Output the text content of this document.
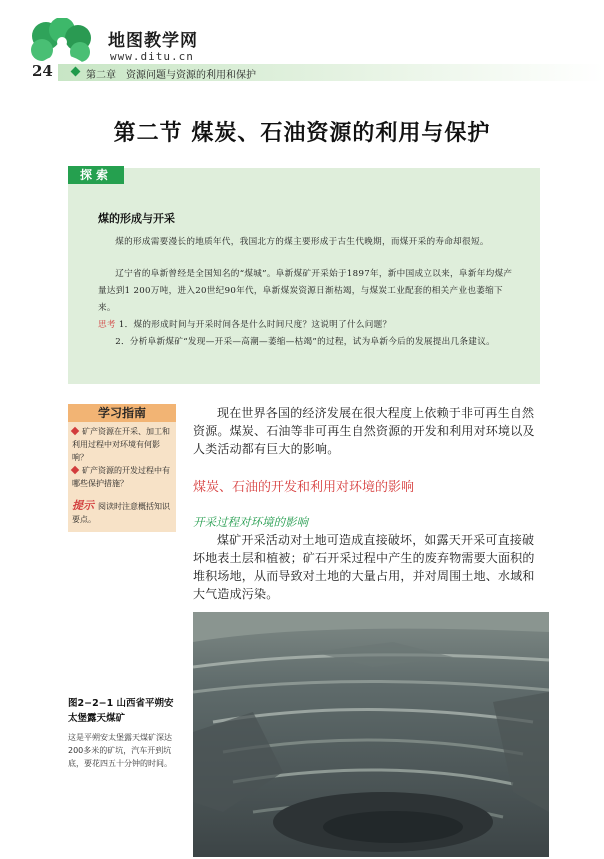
地图教学网
www.ditu.cn
24	第二章　资源问题与资源的利用和保护
第二节 煤炭、石油资源的利用与保护
探索
煤的形成与开采
煤的形成需要漫长的地质年代，我国北方的煤主要形成于古生代晚期，而煤开采的寿命却很短。
辽宁省的阜新曾经是全国知名的“煤城”。阜新煤矿开采始于1897年，新中国成立以来，阜新年均煤产量达到1 200万吨，进入20世纪90年代，阜新煤炭资源日渐枯竭，与煤炭工业配套的相关产业也萎缩下来。
思考 1．煤的形成时间与开采时间各是什么时间尺度？这说明了什么问题？
2．分析阜新煤矿“发现—开采—高潮—萎缩—枯竭”的过程，试为阜新今后的发展提出几条建议。
学习指南
矿产资源在开采、加工和利用过程中对环境有何影响？
矿产资源的开发过程中有哪些保护措施？
提示 阅读时注意概括知识要点。
现在世界各国的经济发展在很大程度上依赖于非可再生自然资源。煤炭、石油等非可再生自然资源的开发和利用对环境以及人类活动都有巨大的影响。
煤炭、石油的开发和利用对环境的影响
开采过程对环境的影响
煤矿开采活动对土地可造成直接破坏，如露天开采可直接破坏地表土层和植被；矿石开采过程中产生的废弃物需要大面积的堆积场地，从而导致对土地的大量占用，并对周围土地、水域和大气造成污染。
图2−2−1 山西省平朔安太堡露天煤矿
这是平朔安太堡露天煤矿深达200多米的矿坑，汽车开到坑底，要花四五十分钟的时间。
